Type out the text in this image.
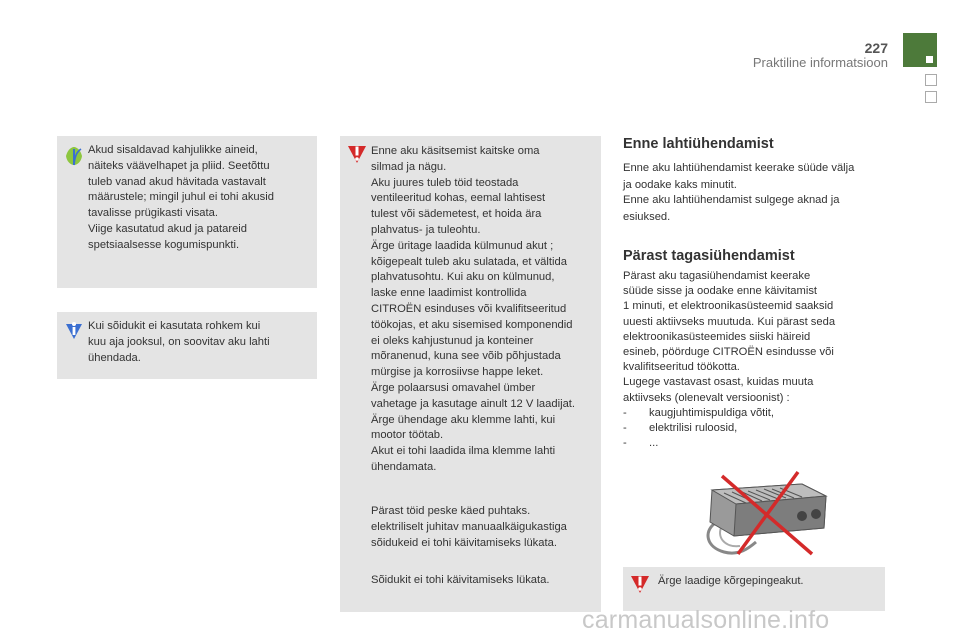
227
Praktiline informatsioon
Akud sisaldavad kahjulikke aineid,
näiteks väävelhapet ja pliid. Seetõttu
tuleb vanad akud hävitada vastavalt
määrustele; mingil juhul ei tohi akusid
tavalisse prügikasti visata.
Viige kasutatud akud ja patareid
spetsiaalsesse kogumispunkti.
Kui sõidukit ei kasutata rohkem kui
kuu aja jooksul, on soovitav aku lahti
ühendada.
Enne aku käsitsemist kaitske oma
silmad ja nägu.
Aku juures tuleb töid teostada
ventileeritud kohas, eemal lahtisest
tulest või sädemetest, et hoida ära
plahvatus- ja tuleohtu.
Ärge üritage laadida külmunud akut ;
kõigepealt tuleb aku sulatada, et vältida
plahvatusohtu. Kui aku on külmunud,
laske enne laadimist kontrollida
CITROËN esinduses või kvalifitseeritud
töökojas, et aku sisemised komponendid
ei oleks kahjustunud ja konteiner
mõranenud, kuna see võib põhjustada
mürgise ja korrosiivse happe leket.
Ärge polaarsusi omavahel ümber
vahetage ja kasutage ainult 12 V laadijat.
Ärge ühendage aku klemme lahti, kui
mootor töötab.
Akut ei tohi laadida ilma klemme lahti
ühendamata.
Pärast töid peske käed puhtaks.
elektriliselt juhitav manuaalkäigukastiga
sõidukeid ei tohi käivitamiseks lükata.
Sõidukit ei tohi käivitamiseks lükata.
Enne lahtiühendamist
Enne aku lahtiühendamist keerake süüde välja
ja oodake kaks minutit.
Enne aku lahtiühendamist sulgege aknad ja
esiuksed.
Pärast tagasiühendamist
Pärast aku tagasiühendamist keerake
süüde sisse ja oodake enne käivitamist
1 minuti, et elektroonikasüsteemid saaksid
uuesti aktiivseks muutuda. Kui pärast seda
elektroonikasüsteemides siiski häireid
esineb, pöörduge CITROËN esindusse või
kvalifitseeritud töökotta.
Lugege vastavast osast, kuidas muuta
aktiivseks (olenevalt versioonist) :
- kaugjuhtimispuldiga võtit,
- elektrilisi ruloosid,
- ...
Ärge laadige kõrgepingeakut.
carmanualsonline.info
